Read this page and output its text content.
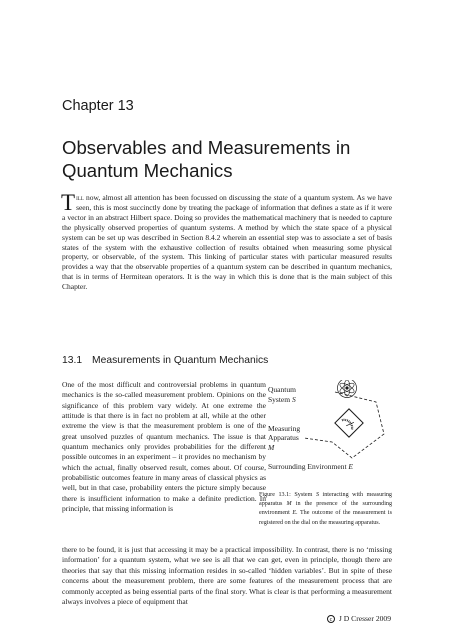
Chapter 13
Observables and Measurements in Quantum Mechanics
Till now, almost all attention has been focussed on discussing the state of a quantum system. As we have seen, this is most succinctly done by treating the package of information that defines a state as if it were a vector in an abstract Hilbert space. Doing so provides the mathematical machinery that is needed to capture the physically observed properties of quantum systems. A method by which the state space of a physical system can be set up was described in Section 8.4.2 wherein an essential step was to associate a set of basis states of the system with the exhaustive collection of results obtained when measuring some physical property, or observable, of the system. This linking of particular states with particular measured results provides a way that the observable properties of a quantum system can be described in quantum mechanics, that is in terms of Hermitean operators. It is the way in which this is done that is the main subject of this Chapter.
13.1 Measurements in Quantum Mechanics
One of the most difficult and controversial problems in quantum mechanics is the so-called measurement problem. Opinions on the significance of this problem vary widely. At one extreme the attitude is that there is in fact no problem at all, while at the other extreme the view is that the measurement problem is one of the great unsolved puzzles of quantum mechanics. The issue is that quantum mechanics only provides probabilities for the different possible outcomes in an experiment – it provides no mechanism by which the actual, finally observed result, comes about. Of course, probabilistic outcomes feature in many areas of classical physics as well, but in that case, probability enters the picture simply because there is insufficient information to make a definite prediction. In principle, that missing information is
Quantum
System S
Measuring
Apparatus
M
Surrounding Environment E
Figure 13.1: System S interacting with measuring apparatus M in the presence of the surrounding environment E. The outcome of the measurement is registered on the dial on the measuring apparatus.
there to be found, it is just that accessing it may be a practical impossibility. In contrast, there is no ‘missing information’ for a quantum system, what we see is all that we can get, even in principle, though there are theories that say that this missing information resides in so-called ‘hidden variables’. But in spite of these concerns about the measurement problem, there are some features of the measurement process that are commonly accepted as being essential parts of the final story. What is clear is that performing a measurement always involves a piece of equipment that
c J D Cresser 2009
